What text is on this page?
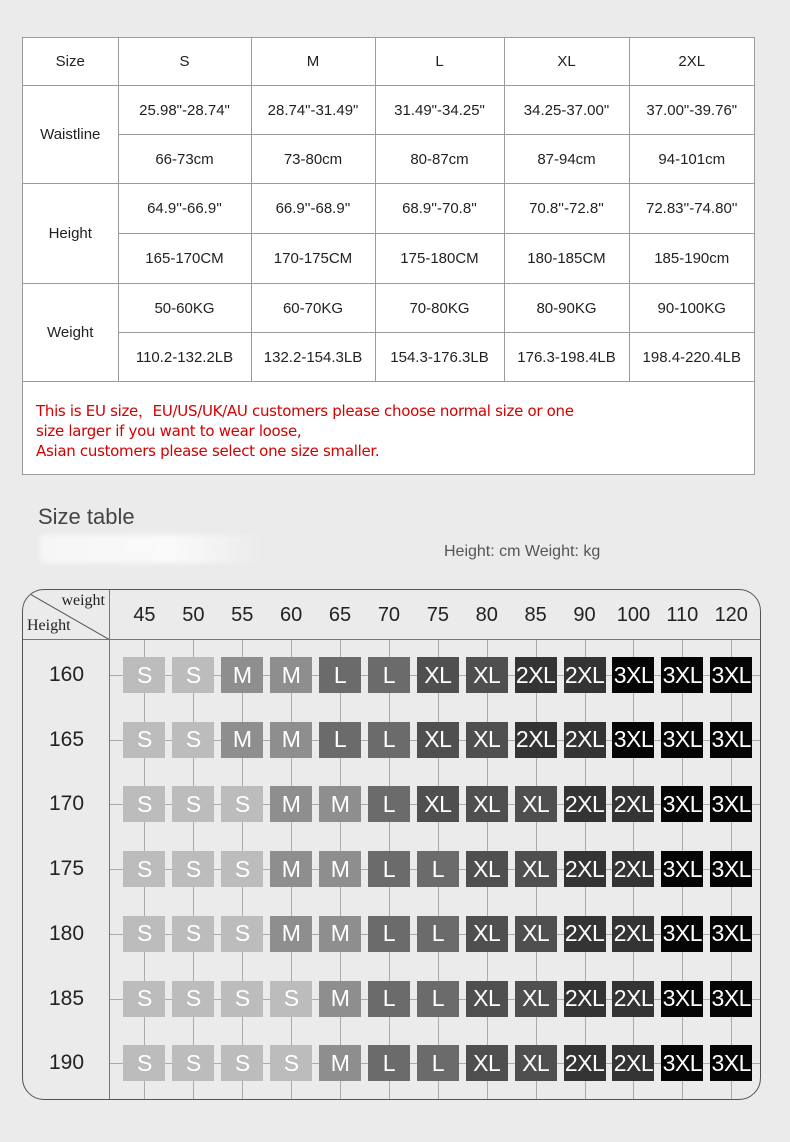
Size	S	M	L	XL	2XL
Waistline	25.98"-28.74"	28.74"-31.49"	31.49"-34.25"	34.25-37.00"	37.00"-39.76"
	66-73cm	73-80cm	80-87cm	87-94cm	94-101cm
Height	64.9''-66.9''	66.9''-68.9''	68.9''-70.8''	70.8''-72.8''	72.83''-74.80''
	165-170CM	170-175CM	175-180CM	180-185CM	185-190cm
Weight	50-60KG	60-70KG	70-80KG	80-90KG	90-100KG
	110.2-132.2LB	132.2-154.3LB	154.3-176.3LB	176.3-198.4LB	198.4-220.4LB
This is EU size，EU/US/UK/AU customers please choose normal size or one
size larger if you want to wear loose,
Asian customers please select one size smaller.
Size table
Height: cm Weight: kg
weight
Height	45	50	55	60	65	70	75	80	85	90	100 110 120
160	S	S	M	M	L	L	XL XL 2XL 2XL 3XL 3XL 3XL
165	S	S	M	M	L	L	XL XL 2XL 2XL 3XL 3XL 3XL
170	S	S	S	M	M	L	XL XL XL 2XL 2XL 3XL 3XL
175	S	S	S	M	M	L	L	XL XL 2XL 2XL 3XL 3XL
180	S	S	S	M	M	L	L	XL XL 2XL 2XL 3XL 3XL
185	S	S	S	S	M	L	L	XL XL 2XL 2XL 3XL 3XL
190	S	S	S	S	M	L	L	XL XL 2XL 2XL 3XL 3XL
